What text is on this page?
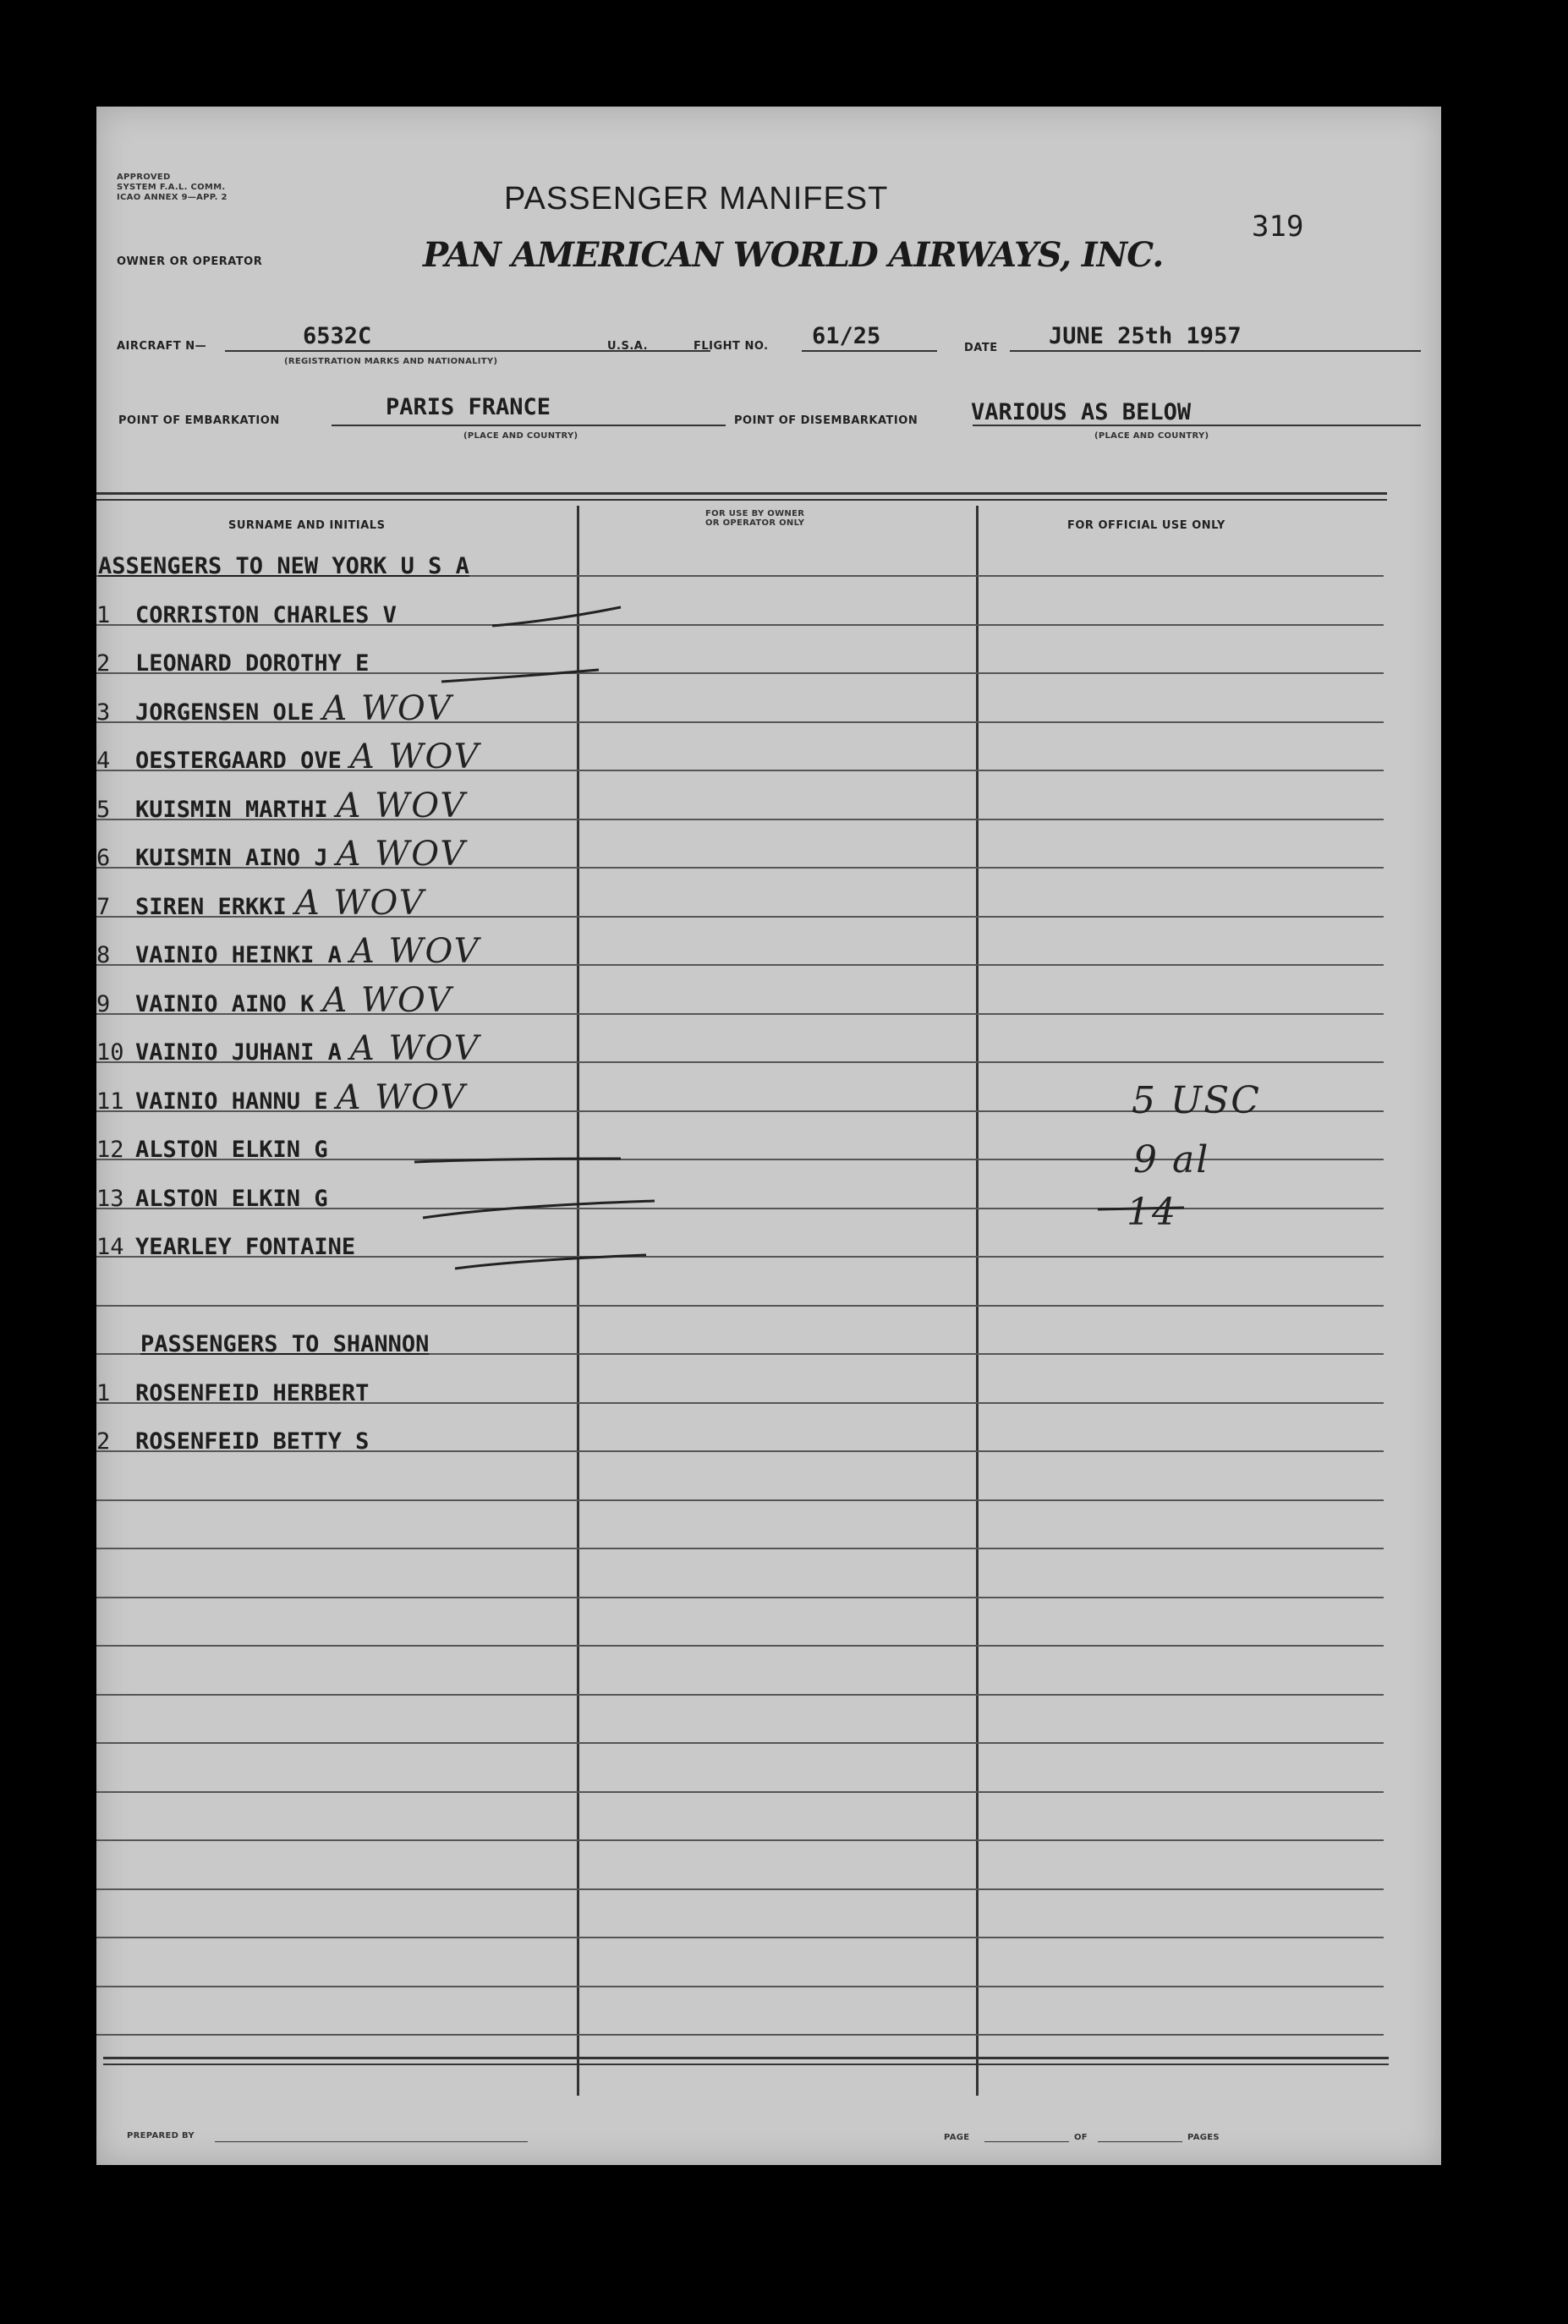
APPROVED
SYSTEM F.A.L. COMM.
ICAO ANNEX 9—APP. 2	PASSENGER MANIFEST
OWNER OR OPERATOR	PAN AMERICAN WORLD AIRWAYS, INC.
319
AIRCRAFT N—	6532C
(REGISTRATION MARKS AND NATIONALITY)
U.S.A.	FLIGHT NO. 61/25	DATE JUNE 25th 1957
POINT OF EMBARKATION
PARIS FRANCE
(PLACE AND COUNTRY)
POINT OF DISEMBARKATION VARIOUS AS BELOW
(PLACE AND COUNTRY)
SURNAME AND INITIALS
FOR USE BY OWNER
OR OPERATOR ONLY	FOR OFFICIAL USE ONLY
ASSENGERS TO NEW YORK U S A
1 CORRISTON CHARLES V
2 LEONARD DOROTHY E
3 JORGENSEN OLE A WOV
4 OESTERGAARD OVE A WOV
5 KUISMIN MARTHI A WOV
6 KUISMIN AINO J A WOV
7 SIREN ERKKI A WOV
8 VAINIO HEINKI A A WOV
9 VAINIO AINO K A WOV
10 VAINIO JUHANI A A WOV
11 VAINIO HANNU E A WOV
12 ALSTON ELKIN G
13 ALSTON ELKIN G
14 YEARLEY FONTAINE
PASSENGERS TO SHANNON
1 ROSENFEID HERBERT
2 ROSENFEID BETTY S
5 USC
9 al
14
PREPARED BY	PAGE	OF	PAGES
